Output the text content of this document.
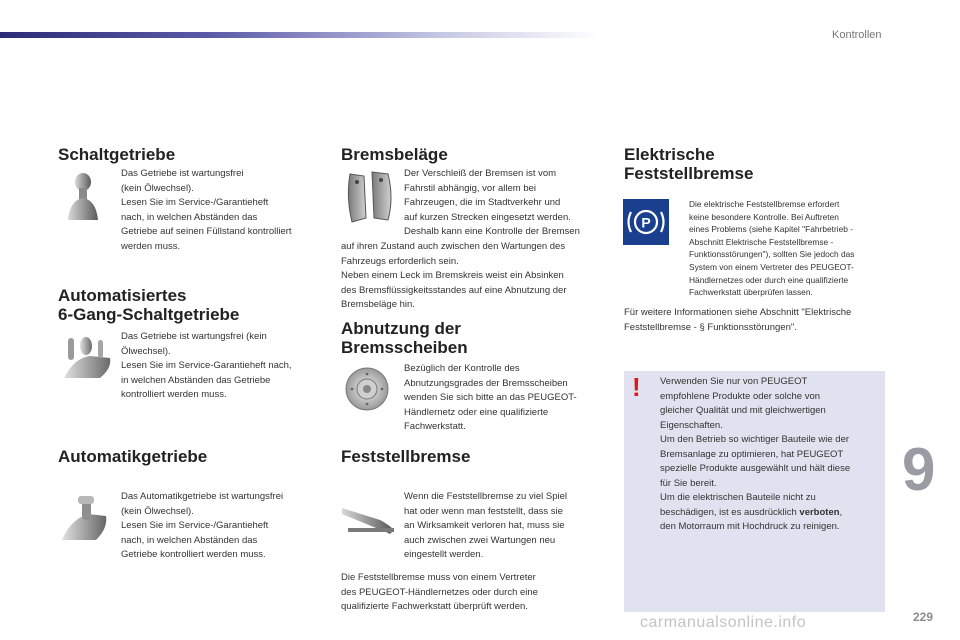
Kontrollen
Schaltgetriebe
Das Getriebe ist wartungsfrei
(kein Ölwechsel).
Lesen Sie im Service-/Garantieheft
nach, in welchen Abständen das
Getriebe auf seinen Füllstand kontrolliert
werden muss.
Automatisiertes
6-Gang-Schaltgetriebe
Das Getriebe ist wartungsfrei (kein
Ölwechsel).
Lesen Sie im Service-Garantieheft nach,
in welchen Abständen das Getriebe
kontrolliert werden muss.
Automatikgetriebe
Das Automatikgetriebe ist wartungsfrei
(kein Ölwechsel).
Lesen Sie im Service-/Garantieheft
nach, in welchen Abständen das
Getriebe kontrolliert werden muss.
Bremsbeläge
Der Verschleiß der Bremsen ist vom
Fahrstil abhängig, vor allem bei
Fahrzeugen, die im Stadtverkehr und
auf kurzen Strecken eingesetzt werden.
Deshalb kann eine Kontrolle der Bremsen
auf ihren Zustand auch zwischen den Wartungen des
Fahrzeugs erforderlich sein.
Neben einem Leck im Bremskreis weist ein Absinken
des Bremsflüssigkeitsstandes auf eine Abnutzung der
Bremsbeläge hin.
Abnutzung der
Bremsscheiben
Bezüglich der Kontrolle des
Abnutzungsgrades der Bremsscheiben
wenden Sie sich bitte an das PEUGEOT-
Händlernetz oder eine qualifizierte
Fachwerkstatt.
Feststellbremse
Wenn die Feststellbremse zu viel Spiel
hat oder wenn man feststellt, dass sie
an Wirksamkeit verloren hat, muss sie
auch zwischen zwei Wartungen neu
eingestellt werden.
Die Feststellbremse muss von einem Vertreter
des PEUGEOT-Händlernetzes oder durch eine
qualifizierte Fachwerkstatt überprüft werden.
Elektrische
Feststellbremse
P
Die elektrische Feststellbremse erfordert
keine besondere Kontrolle. Bei Auftreten
eines Problems (siehe Kapitel "Fahrbetrieb -
Abschnitt Elektrische Feststellbremse -
Funktionsstörungen"), sollten Sie jedoch das
System von einem Vertreter des PEUGEOT-
Händlernetzes oder durch eine qualifizierte
Fachwerkstatt überprüfen lassen.
Für weitere Informationen siehe Abschnitt "Elektrische
Feststellbremse - § Funktionsstörungen".
! Verwenden Sie nur von PEUGEOT
empfohlene Produkte oder solche von
gleicher Qualität und mit gleichwertigen
Eigenschaften.
Um den Betrieb so wichtiger Bauteile wie der
Bremsanlage zu optimieren, hat PEUGEOT
spezielle Produkte ausgewählt und hält diese
für Sie bereit.
Um die elektrischen Bauteile nicht zu
beschädigen, ist es ausdrücklich verboten,
den Motorraum mit Hochdruck zu reinigen.
9
229
carmanualsonline.info
